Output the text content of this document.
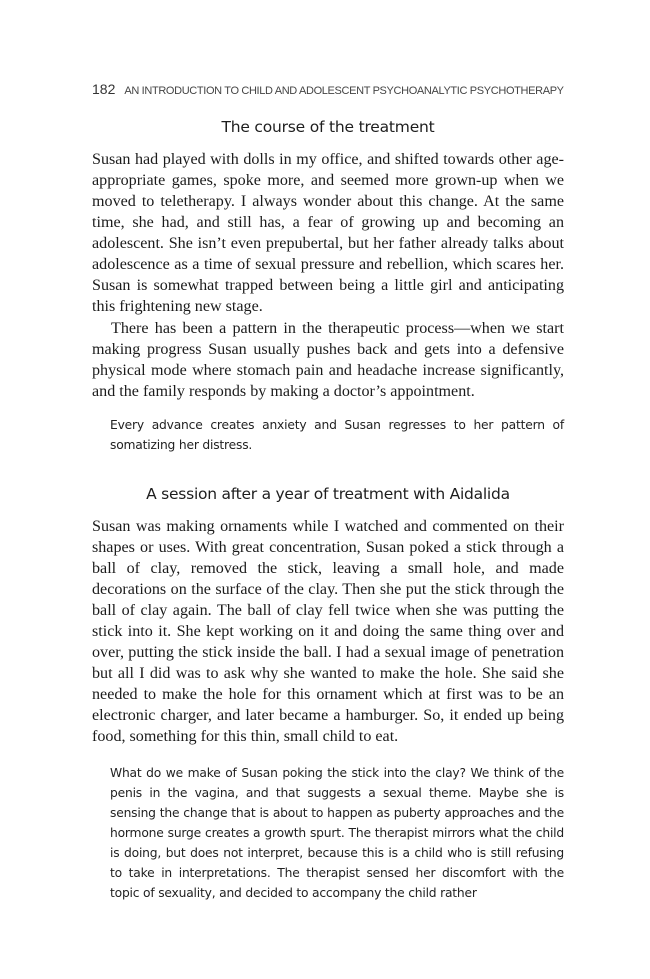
182 AN INTRODUCTION TO CHILD AND ADOLESCENT PSYCHOANALYTIC PSYCHOTHERAPY
The course of the treatment

Susan had played with dolls in my office, and shifted towards other age-appropriate games, spoke more, and seemed more grown-up when we moved to teletherapy. I always wonder about this change. At the same time, she had, and still has, a fear of growing up and becoming an adolescent. She isn’t even prepubertal, but her father already talks about adolescence as a time of sexual pressure and rebellion, which scares her. Susan is somewhat trapped between being a little girl and anticipating this frightening new stage.

There has been a pattern in the therapeutic process—when we start making progress Susan usually pushes back and gets into a defensive physical mode where stomach pain and headache increase significantly, and the family responds by making a doctor’s appointment.

Every advance creates anxiety and Susan regresses to her pattern of somatizing her distress.

A session after a year of treatment with Aidalida

Susan was making ornaments while I watched and commented on their shapes or uses. With great concentration, Susan poked a stick through a ball of clay, removed the stick, leaving a small hole, and made decorations on the surface of the clay. Then she put the stick through the ball of clay again. The ball of clay fell twice when she was putting the stick into it. She kept working on it and doing the same thing over and over, putting the stick inside the ball. I had a sexual image of penetration but all I did was to ask why she wanted to make the hole. She said she needed to make the hole for this ornament which at first was to be an electronic charger, and later became a hamburger. So, it ended up being food, something for this thin, small child to eat.

What do we make of Susan poking the stick into the clay? We think of the penis in the vagina, and that suggests a sexual theme. Maybe she is sensing the change that is about to happen as puberty approaches and the hormone surge creates a growth spurt. The therapist mirrors what the child is doing, but does not interpret, because this is a child who is still refusing to take in interpretations. The therapist sensed her discomfort with the topic of sexuality, and decided to accompany the child rather
